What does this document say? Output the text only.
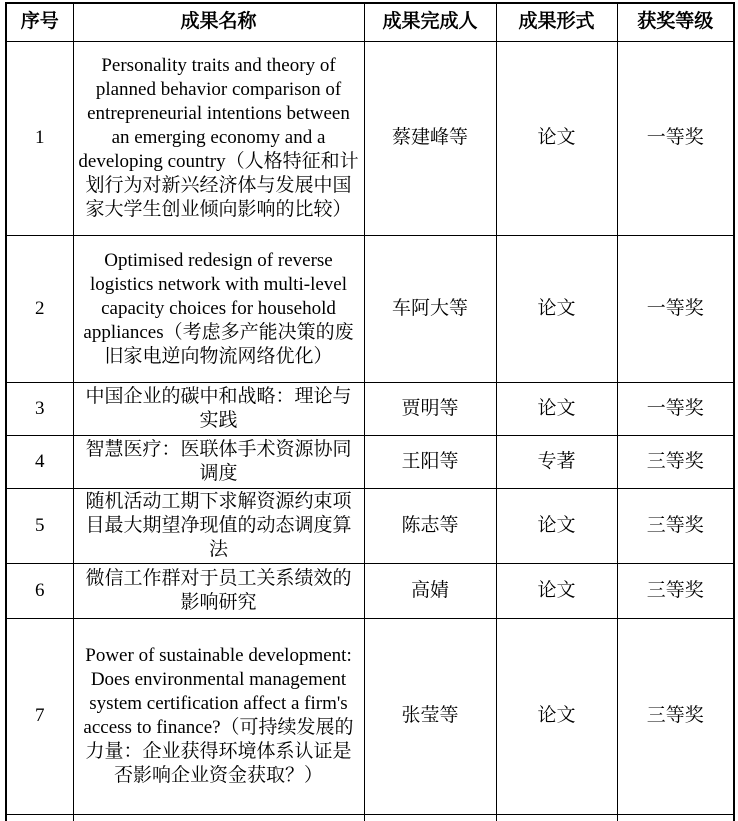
序号	成果名称	成果完成人	成果形式	获奖等级
1	Personality traits and theory of planned behavior comparison of entrepreneurial intentions between an emerging economy and a developing country（人格特征和计划行为对新兴经济体与发展中国家大学生创业倾向影响的比较）	蔡建峰等	论文	一等奖
2	Optimised redesign of reverse logistics network with multi-level capacity choices for household appliances（考虑多产能决策的废旧家电逆向物流网络优化）	车阿大等	论文	一等奖
3	中国企业的碳中和战略：理论与实践	贾明等	论文	一等奖
4	智慧医疗：医联体手术资源协同调度	王阳等	专著	三等奖
5	随机活动工期下求解资源约束项目最大期望净现值的动态调度算法	陈志等	论文	三等奖
6	微信工作群对于员工关系绩效的影响研究	高婧	论文	三等奖
7	Power of sustainable development: Does environmental management system certification affect a firm's access to finance?（可持续发展的力量：企业获得环境体系认证是否影响企业资金获取？）	张莹等	论文	三等奖
